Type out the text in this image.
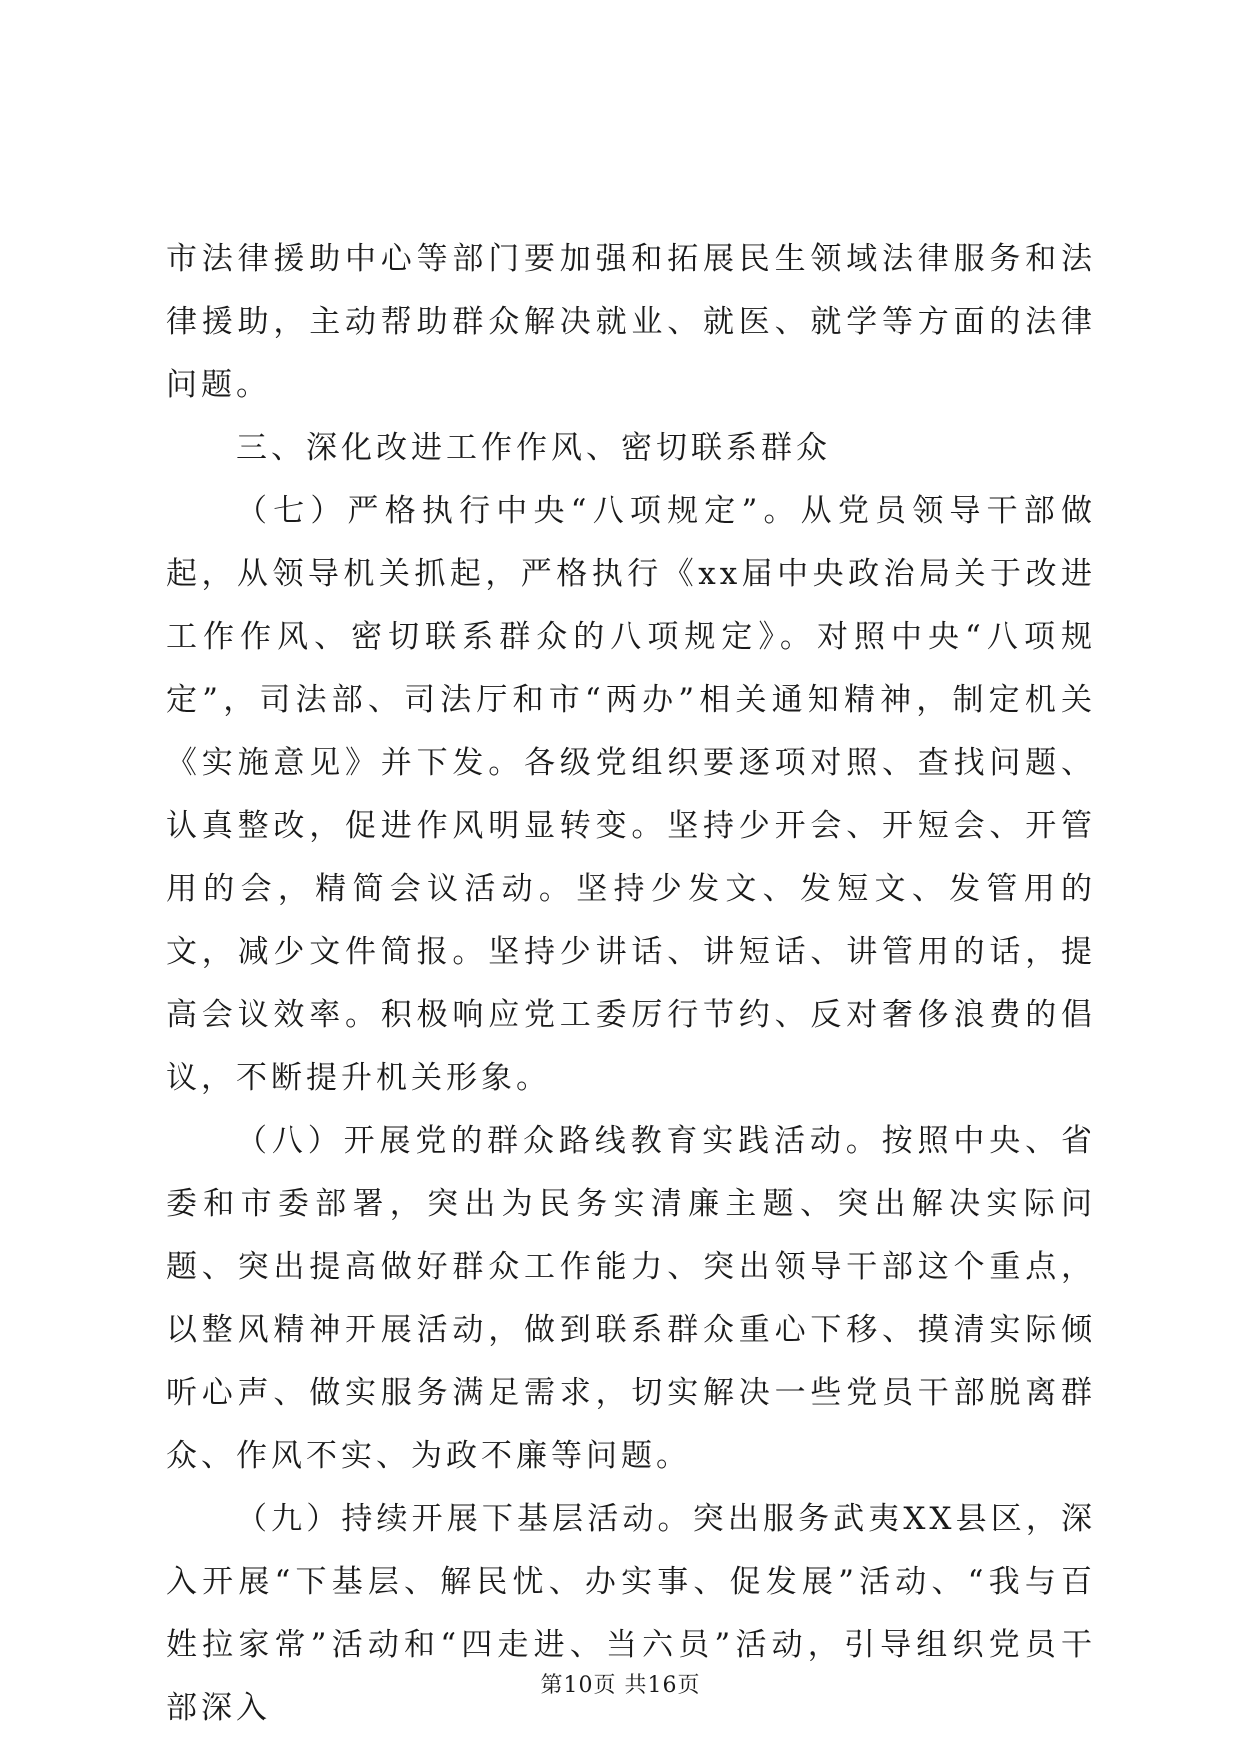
市法律援助中心等部门要加强和拓展民生领域法律服务和法律援助，主动帮助群众解决就业、就医、就学等方面的法律问题。

三、深化改进工作作风、密切联系群众

（七）严格执行中央“八项规定”。从党员领导干部做起，从领导机关抓起，严格执行《xx届中央政治局关于改进工作作风、密切联系群众的八项规定》。对照中央“八项规定”，司法部、司法厅和市“两办”相关通知精神，制定机关《实施意见》并下发。各级党组织要逐项对照、查找问题、认真整改，促进作风明显转变。坚持少开会、开短会、开管用的会，精简会议活动。坚持少发文、发短文、发管用的文，减少文件简报。坚持少讲话、讲短话、讲管用的话，提高会议效率。积极响应党工委厉行节约、反对奢侈浪费的倡议，不断提升机关形象。

（八）开展党的群众路线教育实践活动。按照中央、省委和市委部署，突出为民务实清廉主题、突出解决实际问题、突出提高做好群众工作能力、突出领导干部这个重点，以整风精神开展活动，做到联系群众重心下移、摸清实际倾听心声、做实服务满足需求，切实解决一些党员干部脱离群众、作风不实、为政不廉等问题。

（九）持续开展下基层活动。突出服务武夷XX县区，深入开展“下基层、解民忧、办实事、促发展”活动、“我与百姓拉家常”活动和“四走进、当六员”活动，引导组织党员干部深入

第10页 共16页
